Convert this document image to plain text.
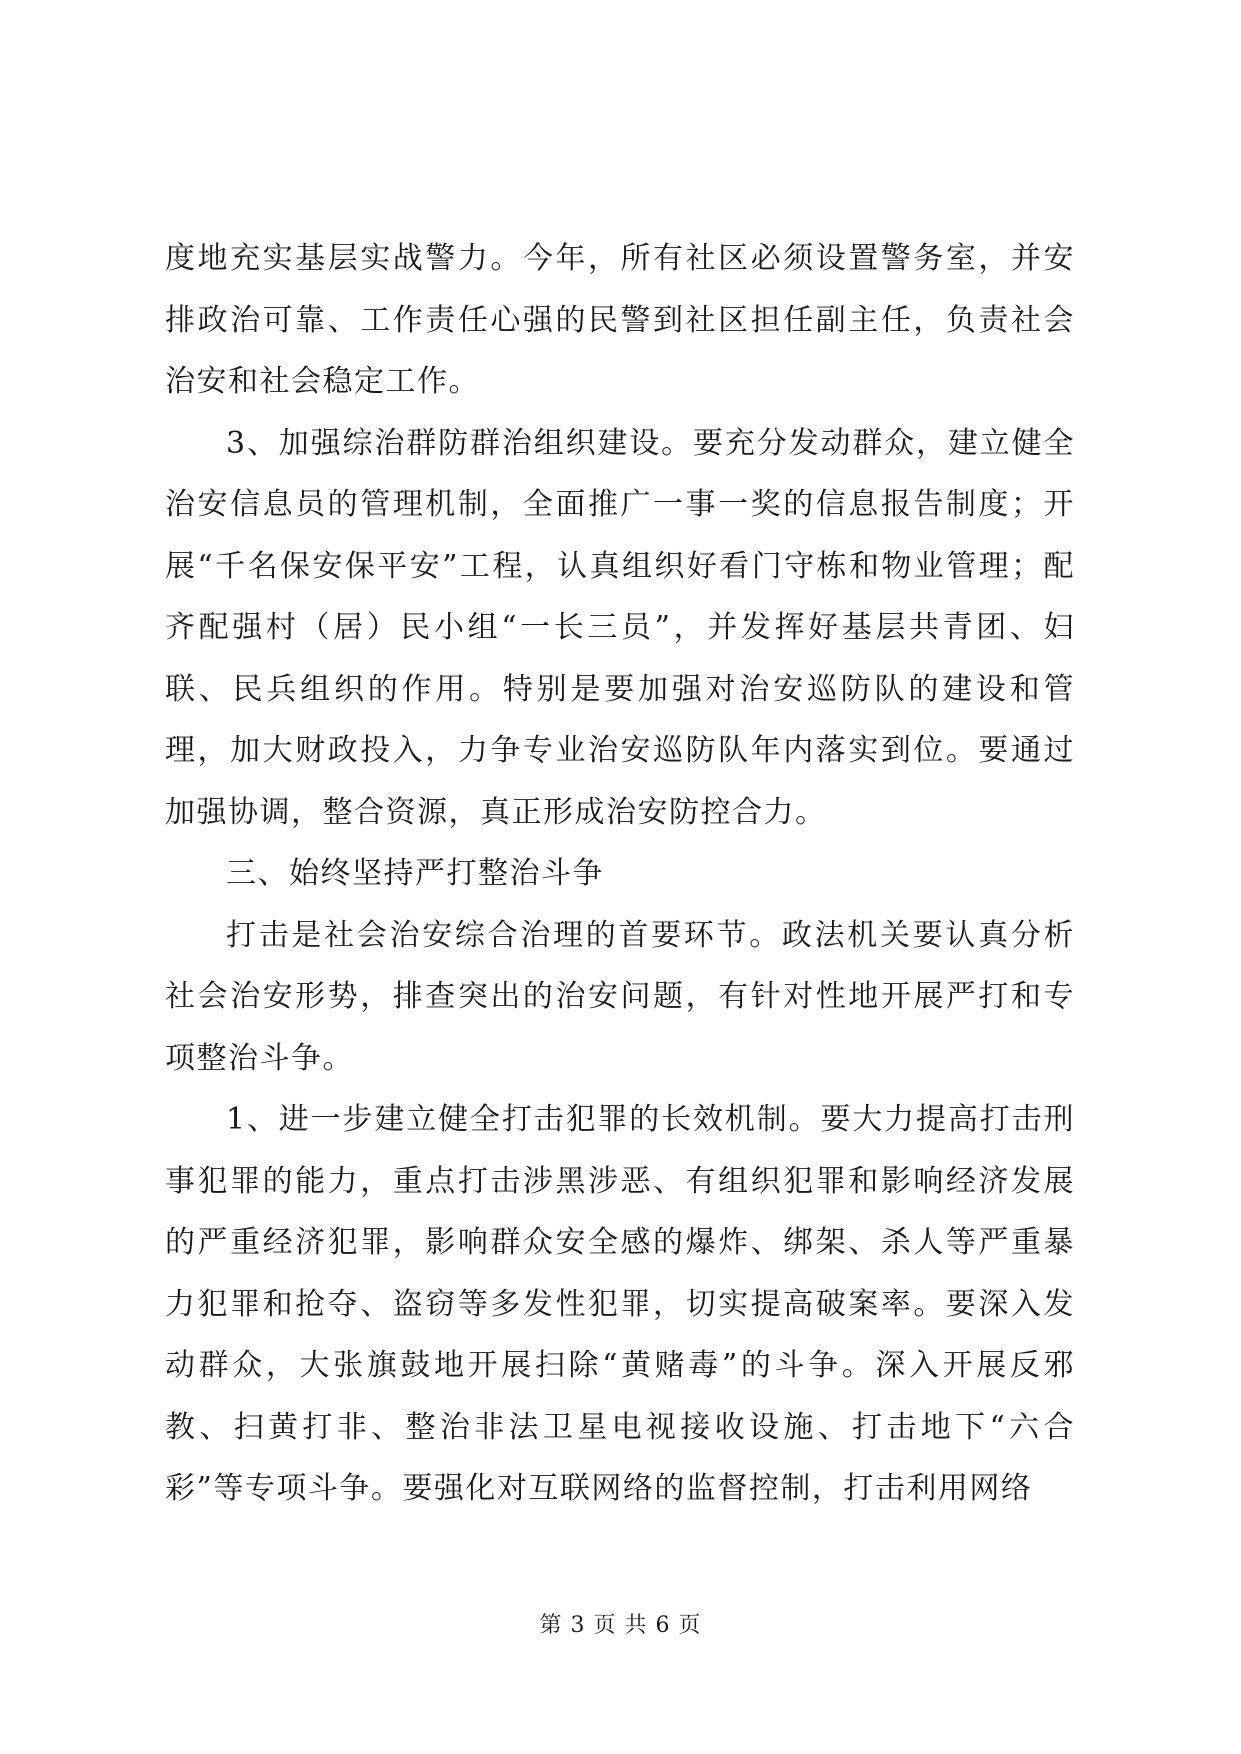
度地充实基层实战警力。今年，所有社区必须设置警务室，并安排政治可靠、工作责任心强的民警到社区担任副主任，负责社会治安和社会稳定工作。

3、加强综治群防群治组织建设。要充分发动群众，建立健全治安信息员的管理机制，全面推广一事一奖的信息报告制度；开展“千名保安保平安”工程，认真组织好看门守栋和物业管理；配齐配强村（居）民小组“一长三员”，并发挥好基层共青团、妇联、民兵组织的作用。特别是要加强对治安巡防队的建设和管理，加大财政投入，力争专业治安巡防队年内落实到位。要通过加强协调，整合资源，真正形成治安防控合力。

三、始终坚持严打整治斗争

打击是社会治安综合治理的首要环节。政法机关要认真分析社会治安形势，排查突出的治安问题，有针对性地开展严打和专项整治斗争。

1、进一步建立健全打击犯罪的长效机制。要大力提高打击刑事犯罪的能力，重点打击涉黑涉恶、有组织犯罪和影响经济发展的严重经济犯罪，影响群众安全感的爆炸、绑架、杀人等严重暴力犯罪和抢夺、盗窃等多发性犯罪，切实提高破案率。要深入发动群众，大张旗鼓地开展扫除“黄赌毒”的斗争。深入开展反邪教、扫黄打非、整治非法卫星电视接收设施、打击地下“六合彩”等专项斗争。要强化对互联网络的监督控制，打击利用网络

第 3 页 共 6 页
